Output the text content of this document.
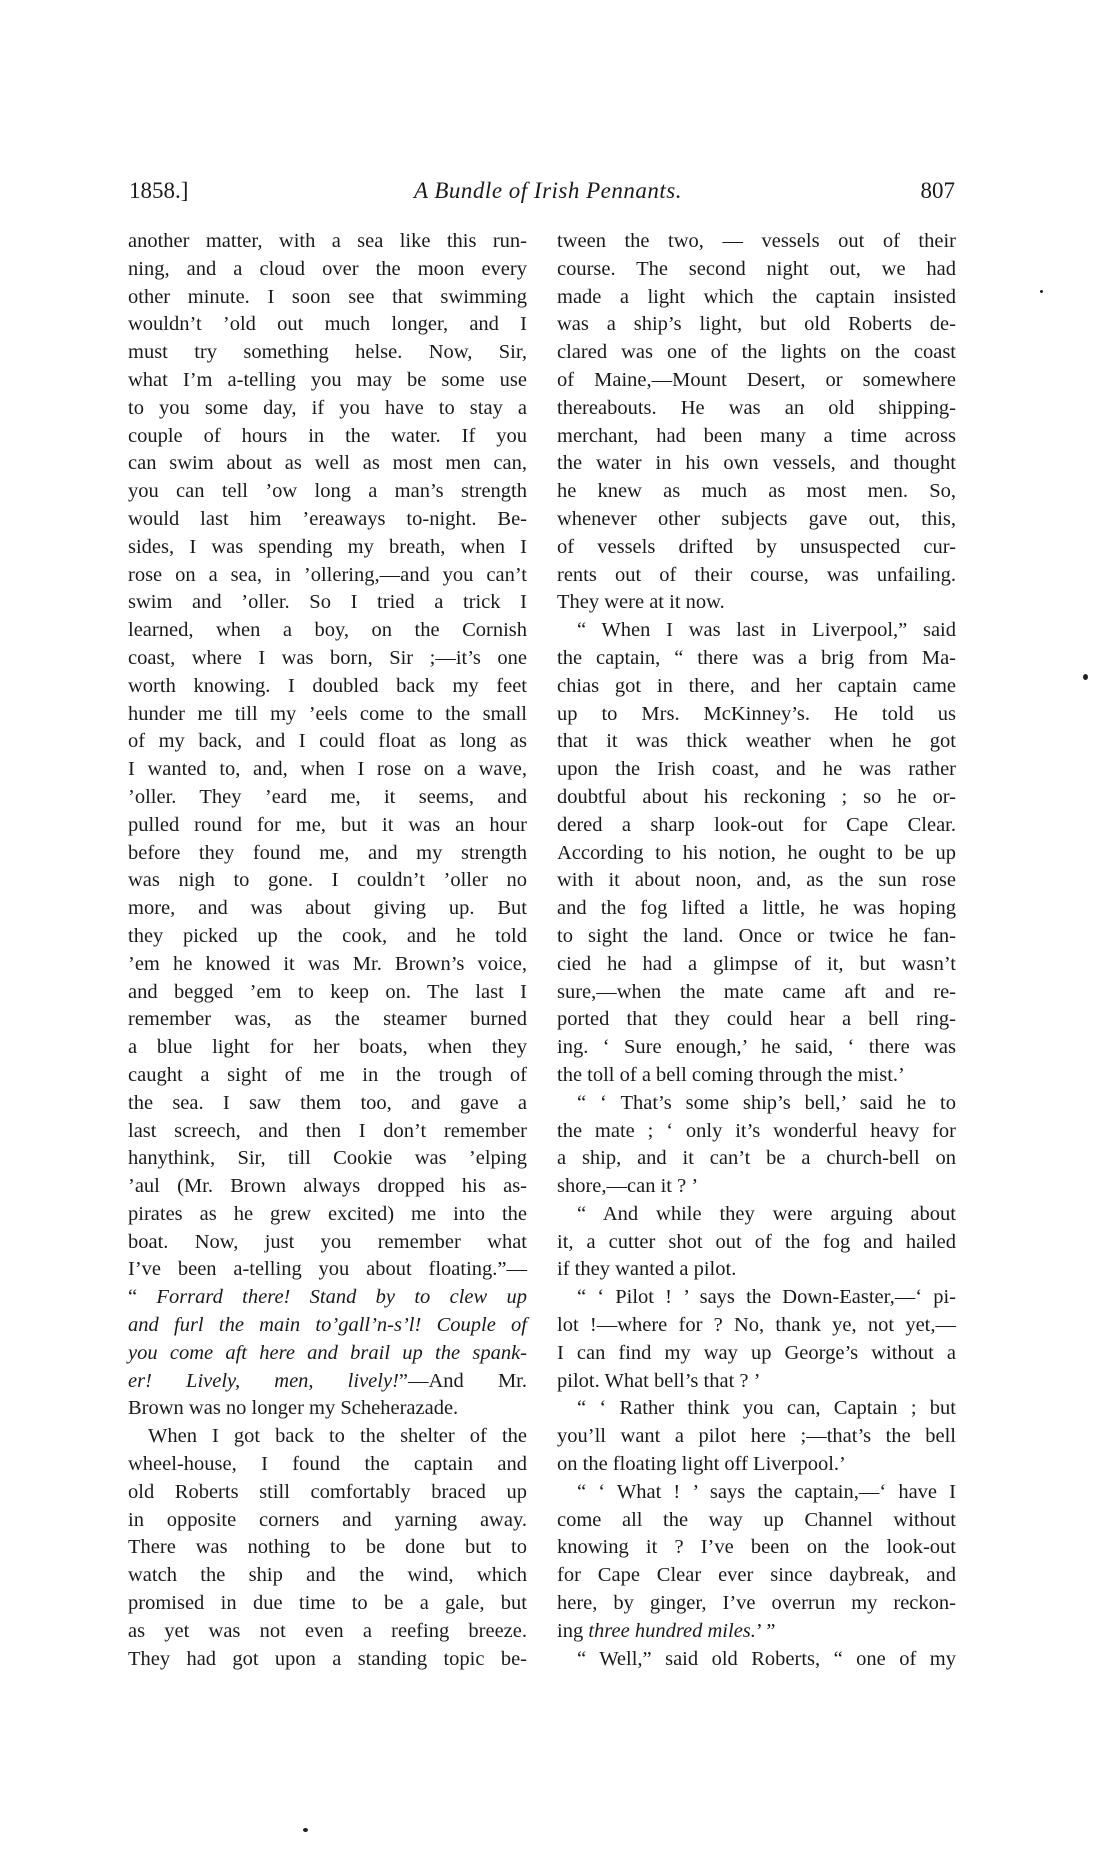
1858.]	A Bundle of Irish Pennants.	807
another matter, with a sea like this run-
ning, and a cloud over the moon every
other minute. I soon see that swimming
wouldn’t ’old out much longer, and I
must try something helse. Now, Sir,
what I’m a-telling you may be some use
to you some day, if you have to stay a
couple of hours in the water. If you
can swim about as well as most men can,
you can tell ’ow long a man’s strength
would last him ’ereaways to-night. Be-
sides, I was spending my breath, when I
rose on a sea, in ’ollering,—and you can’t
swim and ’oller. So I tried a trick I
learned, when a boy, on the Cornish
coast, where I was born, Sir ;—it’s one
worth knowing. I doubled back my feet
hunder me till my ’eels come to the small
of my back, and I could float as long as
I wanted to, and, when I rose on a wave,
’oller. They ’eard me, it seems, and
pulled round for me, but it was an hour
before they found me, and my strength
was nigh to gone. I couldn’t ’oller no
more, and was about giving up. But
they picked up the cook, and he told
’em he knowed it was Mr. Brown’s voice,
and begged ’em to keep on. The last I
remember was, as the steamer burned
a blue light for her boats, when they
caught a sight of me in the trough of
the sea. I saw them too, and gave a
last screech, and then I don’t remember
hanythink, Sir, till Cookie was ’elping
’aul (Mr. Brown always dropped his as-
pirates as he grew excited) me into the
boat. Now, just you remember what
I’ve been a-telling you about floating.”—
“ Forrard there! Stand by to clew up
and furl the main to’gall’n-s’l! Couple of
you come aft here and brail up the spank-
er! Lively, men, lively!”—And Mr.
Brown was no longer my Scheherazade.
When I got back to the shelter of the
wheel-house, I found the captain and
old Roberts still comfortably braced up
in opposite corners and yarning away.
There was nothing to be done but to
watch the ship and the wind, which
promised in due time to be a gale, but
as yet was not even a reefing breeze.
They had got upon a standing topic be-
tween the two, — vessels out of their
course. The second night out, we had
made a light which the captain insisted
was a ship’s light, but old Roberts de-
clared was one of the lights on the coast
of Maine,—Mount Desert, or somewhere
thereabouts. He was an old shipping-
merchant, had been many a time across
the water in his own vessels, and thought
he knew as much as most men. So,
whenever other subjects gave out, this,
of vessels drifted by unsuspected cur-
rents out of their course, was unfailing.
They were at it now.
“ When I was last in Liverpool,” said
the captain, “ there was a brig from Ma-
chias got in there, and her captain came
up to Mrs. McKinney’s. He told us
that it was thick weather when he got
upon the Irish coast, and he was rather
doubtful about his reckoning ; so he or-
dered a sharp look-out for Cape Clear.
According to his notion, he ought to be up
with it about noon, and, as the sun rose
and the fog lifted a little, he was hoping
to sight the land. Once or twice he fan-
cied he had a glimpse of it, but wasn’t
sure,—when the mate came aft and re-
ported that they could hear a bell ring-
ing. ‘ Sure enough,’ he said, ‘ there was
the toll of a bell coming through the mist.’
“ ‘ That’s some ship’s bell,’ said he to
the mate ; ‘ only it’s wonderful heavy for
a ship, and it can’t be a church-bell on
shore,—can it ? ’
“ And while they were arguing about
it, a cutter shot out of the fog and hailed
if they wanted a pilot.
“ ‘ Pilot ! ’ says the Down-Easter,—‘ pi-
lot !—where for ? No, thank ye, not yet,—
I can find my way up George’s without a
pilot. What bell’s that ? ’
“ ‘ Rather think you can, Captain ; but
you’ll want a pilot here ;—that’s the bell
on the floating light off Liverpool.’
“ ‘ What ! ’ says the captain,—‘ have I
come all the way up Channel without
knowing it ? I’ve been on the look-out
for Cape Clear ever since daybreak, and
here, by ginger, I’ve overrun my reckon-
ing three hundred miles.’ ”
“ Well,” said old Roberts, “ one of my
